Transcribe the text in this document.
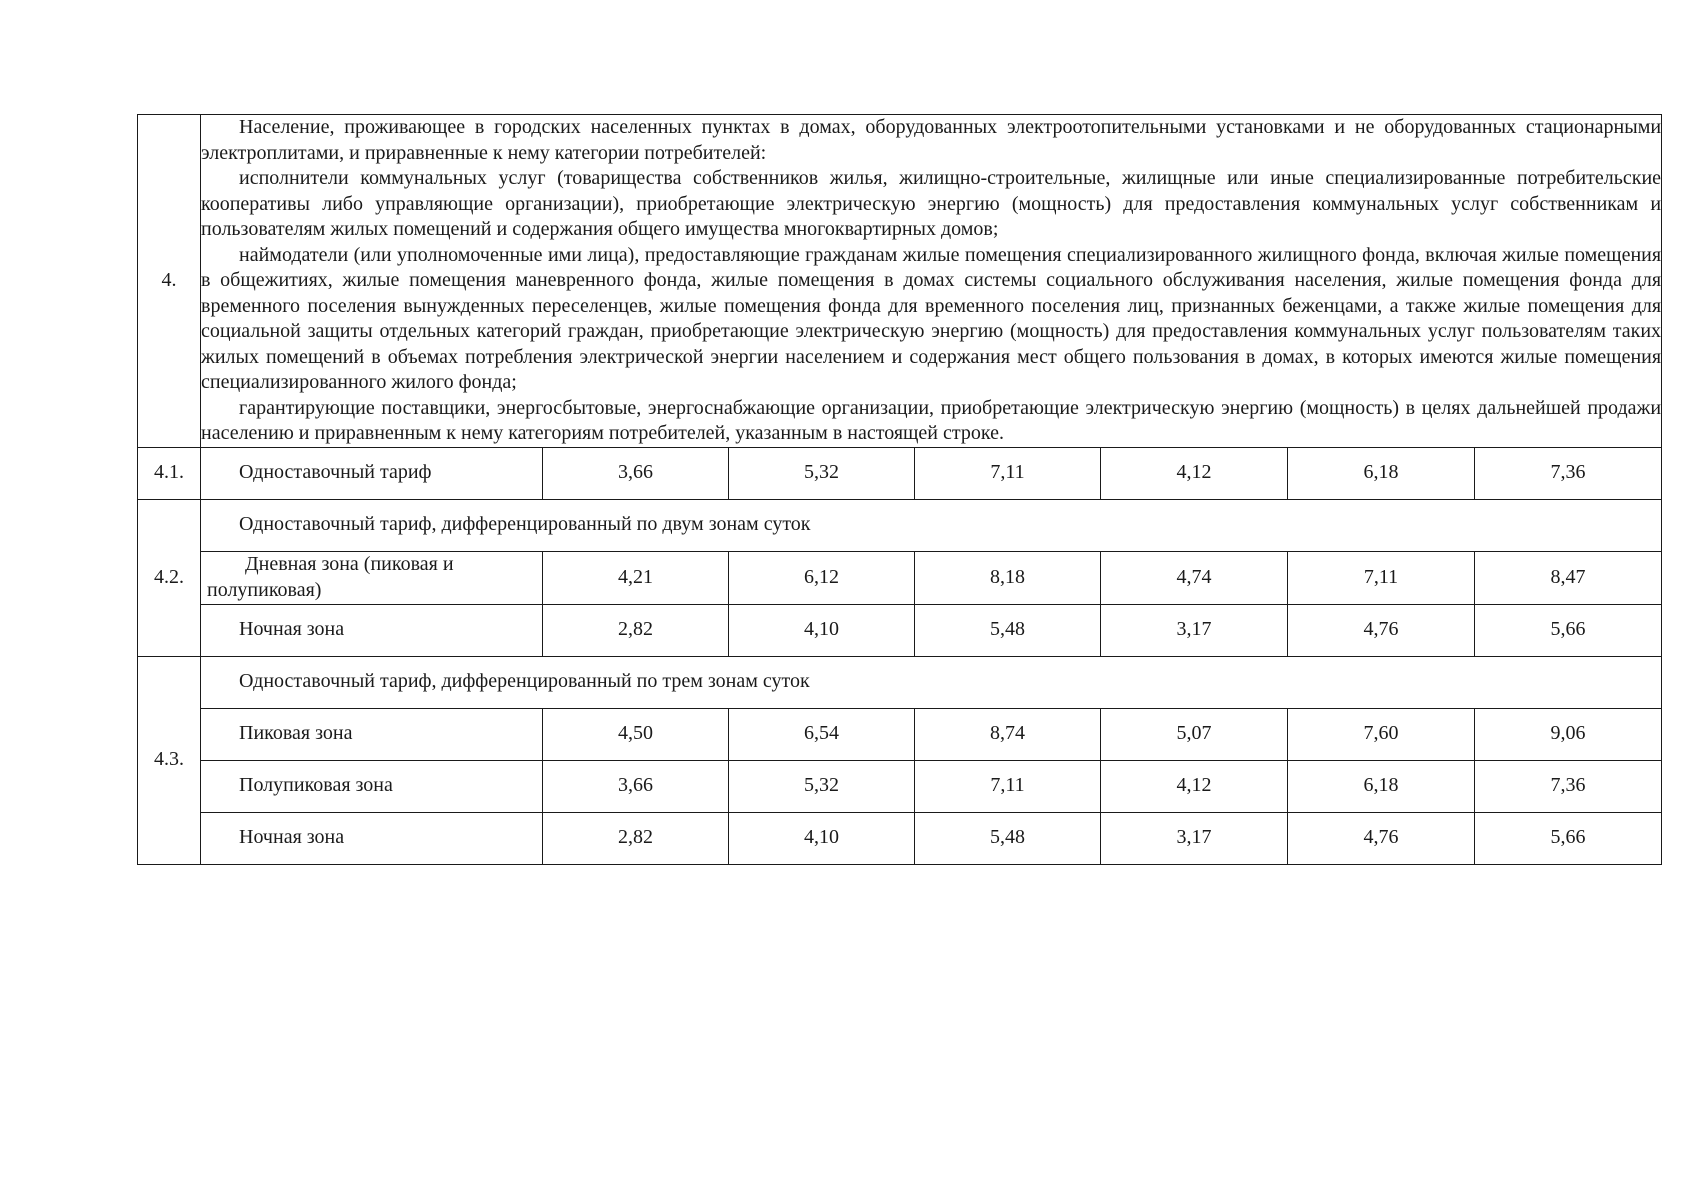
4.	Население, проживающее в городских населенных пунктах в домах, оборудованных электроотопительными установками и не оборудованных стационарными электроплитами, и приравненные к нему категории потребителей:

исполнители коммунальных услуг (товарищества собственников жилья, жилищно-строительные, жилищные или иные специализированные потребительские кооперативы либо управляющие организации), приобретающие электрическую энергию (мощность) для предоставления коммунальных услуг собственникам и пользователям жилых помещений и содержания общего имущества многоквартирных домов;

наймодатели (или уполномоченные ими лица), предоставляющие гражданам жилые помещения специализированного жилищного фонда, включая жилые помещения в общежитиях, жилые помещения маневренного фонда, жилые помещения в домах системы социального обслуживания населения, жилые помещения фонда для временного поселения вынужденных переселенцев, жилые помещения фонда для временного поселения лиц, признанных беженцами, а также жилые помещения для социальной защиты отдельных категорий граждан, приобретающие электрическую энергию (мощность) для предоставления коммунальных услуг пользователям таких жилых помещений в объемах потребления электрической энергии населением и содержания мест общего пользования в домах, в которых имеются жилые помещения специализированного жилого фонда;

гарантирующие поставщики, энергосбытовые, энергоснабжающие организации, приобретающие электрическую энергию (мощность) в целях дальнейшей продажи населению и приравненным к нему категориям потребителей, указанным в настоящей строке.						

4.1.	Одноставочный тариф	3,66	5,32	7,11	4,12	6,18	7,36
4.2.	Одноставочный тариф, дифференцированный по двум зонам суток						
	Дневная зона (пиковая и полупиковая)	4,21	6,12	8,18	4,74	7,11	8,47
	Ночная зона	2,82	4,10	5,48	3,17	4,76	5,66
4.3.	Одноставочный тариф, дифференцированный по трем зонам суток						
	Пиковая зона	4,50	6,54	8,74	5,07	7,60	9,06
	Полупиковая зона	3,66	5,32	7,11	4,12	6,18	7,36
	Ночная зона	2,82	4,10	5,48	3,17	4,76	5,66
